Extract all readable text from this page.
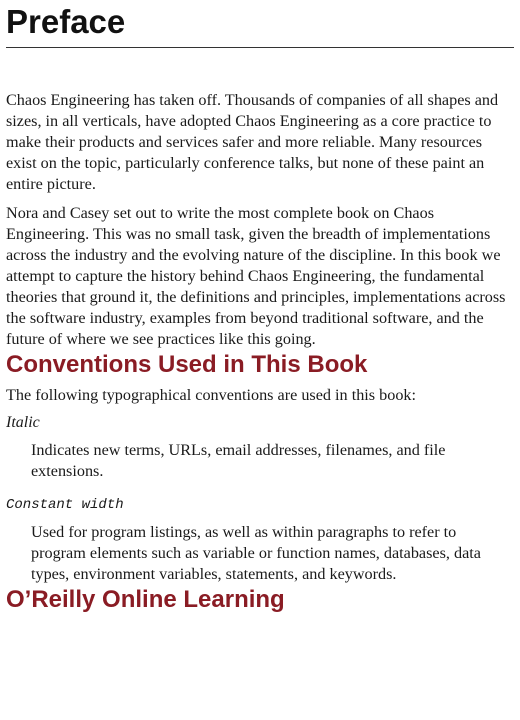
Preface

Chaos Engineering has taken off. Thousands of companies of all shapes and sizes, in all verticals, have adopted Chaos Engineering as a core practice to make their products and services safer and more reliable. Many resources exist on the topic, particularly conference talks, but none of these paint an entire picture.

Nora and Casey set out to write the most complete book on Chaos Engineering. This was no small task, given the breadth of implementations across the industry and the evolving nature of the discipline. In this book we attempt to capture the history behind Chaos Engineering, the fundamental theories that ground it, the definitions and principles, implementations across the software industry, examples from beyond traditional software, and the future of where we see practices like this going.

Conventions Used in This Book

The following typographical conventions are used in this book:

Italic

Indicates new terms, URLs, email addresses, filenames, and file extensions.

Constant width

Used for program listings, as well as within paragraphs to refer to program elements such as variable or function names, databases, data types, environment variables, statements, and keywords.

O’Reilly Online Learning
